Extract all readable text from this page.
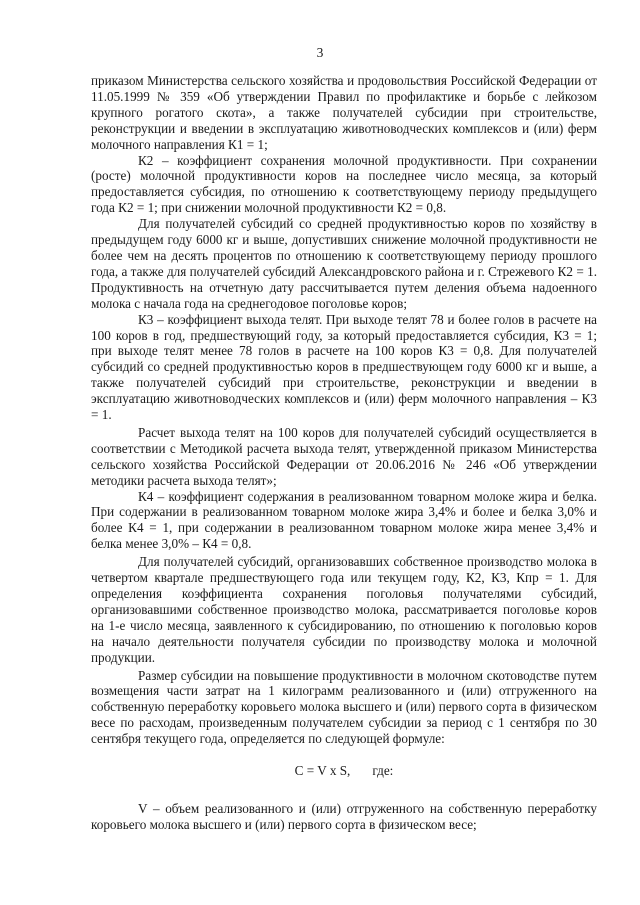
3

приказом Министерства сельского хозяйства и продовольствия Российской Федерации от 11.05.1999 № 359 «Об утверждении Правил по профилактике и борьбе с лейкозом крупного рогатого скота», а также получателей субсидии при строительстве, реконструкции и введении в эксплуатацию животноводческих комплексов и (или) ферм молочного направления К1 = 1;

К2 – коэффициент сохранения молочной продуктивности. При сохранении (росте) молочной продуктивности коров на последнее число месяца, за который предоставляется субсидия, по отношению к соответствующему периоду предыдущего года К2 = 1; при снижении молочной продуктивности К2 = 0,8.

Для получателей субсидий со средней продуктивностью коров по хозяйству в предыдущем году 6000 кг и выше, допустивших снижение молочной продуктивности не более чем на десять процентов по отношению к соответствующему периоду прошлого года, а также для получателей субсидий Александровского района и г. Стрежевого К2 = 1. Продуктивность на отчетную дату рассчитывается путем деления объема надоенного молока с начала года на среднегодовое поголовье коров;

К3 – коэффициент выхода телят. При выходе телят 78 и более голов в расчете на 100 коров в год, предшествующий году, за который предоставляется субсидия, К3 = 1; при выходе телят менее 78 голов в расчете на 100 коров К3 = 0,8. Для получателей субсидий со средней продуктивностью коров в предшествующем году 6000 кг и выше, а также получателей субсидий при строительстве, реконструкции и введении в эксплуатацию животноводческих комплексов и (или) ферм молочного направления – К3 = 1.

Расчет выхода телят на 100 коров для получателей субсидий осуществляется в соответствии с Методикой расчета выхода телят, утвержденной приказом Министерства сельского хозяйства Российской Федерации от 20.06.2016 № 246 «Об утверждении методики расчета выхода телят»;

К4 – коэффициент содержания в реализованном товарном молоке жира и белка. При содержании в реализованном товарном молоке жира 3,4% и более и белка 3,0% и более К4 = 1, при содержании в реализованном товарном молоке жира менее 3,4% и белка менее 3,0% – К4 = 0,8.

Для получателей субсидий, организовавших собственное производство молока в четвертом квартале предшествующего года или текущем году, К2, К3, Кпр = 1. Для определения коэффициента сохранения поголовья получателями субсидий, организовавшими собственное производство молока, рассматривается поголовье коров на 1-е число месяца, заявленного к субсидированию, по отношению к поголовью коров на начало деятельности получателя субсидии по производству молока и молочной продукции.

Размер субсидии на повышение продуктивности в молочном скотоводстве путем возмещения части затрат на 1 килограмм реализованного и (или) отгруженного на собственную переработку коровьего молока высшего и (или) первого сорта в физическом весе по расходам, произведенным получателем субсидии за период с 1 сентября по 30 сентября текущего года, определяется по следующей формуле:

C = V x S, где:

V – объем реализованного и (или) отгруженного на собственную переработку коровьего молока высшего и (или) первого сорта в физическом весе;
